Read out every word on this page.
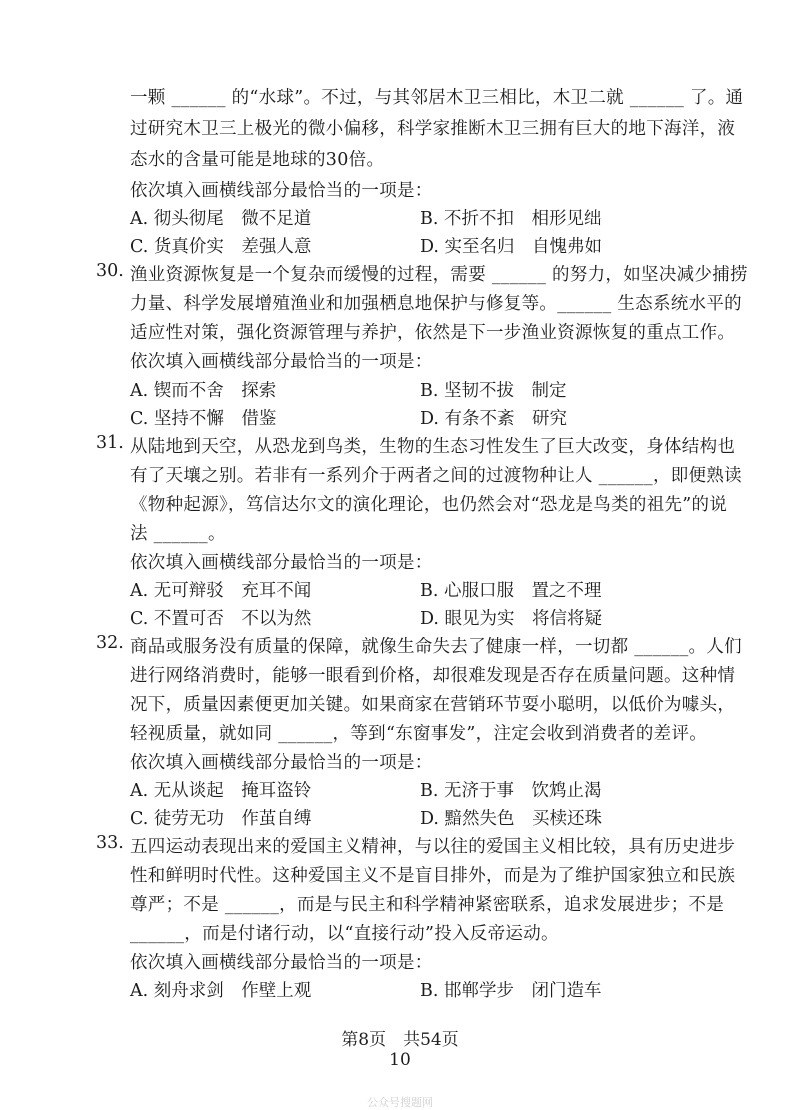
一颗 ______ 的“水球”。不过，与其邻居木卫三相比，木卫二就 ______ 了。通
过研究木卫三上极光的微小偏移，科学家推断木卫三拥有巨大的地下海洋，液
态水的含量可能是地球的30倍。
依次填入画横线部分最恰当的一项是：
A. 彻头彻尾　微不足道	B. 不折不扣　相形见绌
C. 货真价实　差强人意	D. 实至名归　自愧弗如
30. 渔业资源恢复是一个复杂而缓慢的过程，需要 ______ 的努力，如坚决减少捕捞
力量、科学发展增殖渔业和加强栖息地保护与修复等。______ 生态系统水平的
适应性对策，强化资源管理与养护，依然是下一步渔业资源恢复的重点工作。
依次填入画横线部分最恰当的一项是：
A. 锲而不舍　探索	B. 坚韧不拔　制定
C. 坚持不懈　借鉴	D. 有条不紊　研究
31. 从陆地到天空，从恐龙到鸟类，生物的生态习性发生了巨大改变，身体结构也
有了天壤之别。若非有一系列介于两者之间的过渡物种让人 ______，即便熟读
《物种起源》，笃信达尔文的演化理论，也仍然会对“恐龙是鸟类的祖先”的说
法 ______。
依次填入画横线部分最恰当的一项是：
A. 无可辩驳　充耳不闻	B. 心服口服　置之不理
C. 不置可否　不以为然	D. 眼见为实　将信将疑
32. 商品或服务没有质量的保障，就像生命失去了健康一样，一切都 ______。人们
进行网络消费时，能够一眼看到价格，却很难发现是否存在质量问题。这种情
况下，质量因素便更加关键。如果商家在营销环节耍小聪明，以低价为噱头，
轻视质量，就如同 ______，等到“东窗事发”，注定会收到消费者的差评。
依次填入画横线部分最恰当的一项是：
A. 无从谈起　掩耳盗铃	B. 无济于事　饮鸩止渴
C. 徒劳无功　作茧自缚	D. 黯然失色　买椟还珠
33. 五四运动表现出来的爱国主义精神，与以往的爱国主义相比较，具有历史进步
性和鲜明时代性。这种爱国主义不是盲目排外，而是为了维护国家独立和民族
尊严；不是 ______，而是与民主和科学精神紧密联系，追求发展进步；不是
______，而是付诸行动，以“直接行动”投入反帝运动。
依次填入画横线部分最恰当的一项是：
A. 刻舟求剑　作壁上观	B. 邯郸学步　闭门造车
第8页　共54页
10
公众号搜题网
